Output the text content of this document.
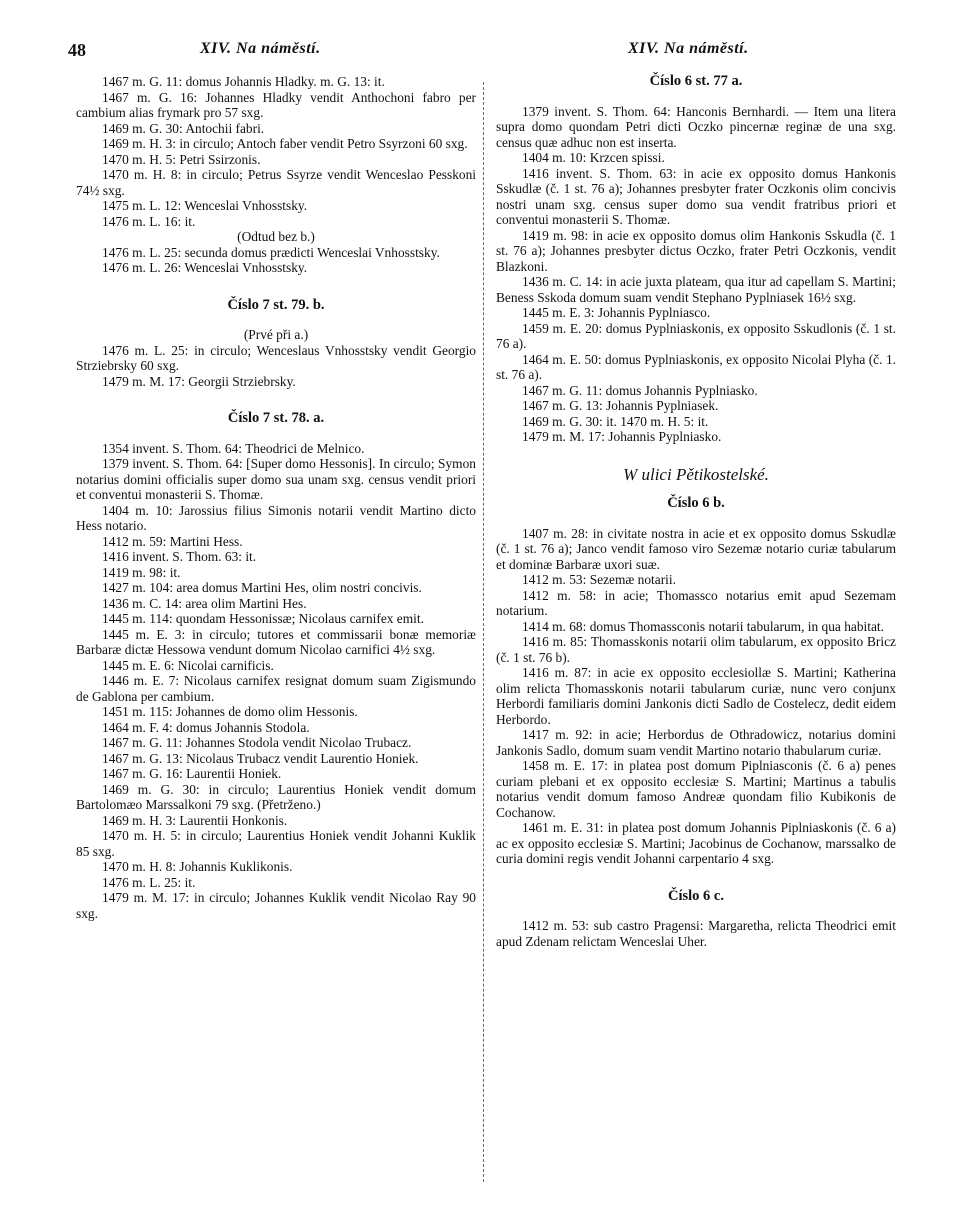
48	XIV. Na náměstí.	XIV. Na náměstí.

1467 m. G. 11: domus Johannis Hladky. m. G. 13: it.

1467 m. G. 16: Johannes Hladky vendit Anthochoni fabro per cambium alias frymark pro 57 sxg.

1469 m. G. 30: Antochii fabri.

1469 m. H. 3: in circulo; Antoch faber vendit Petro Ssyrzoni 60 sxg.

1470 m. H. 5: Petri Ssirzonis.

1470 m. H. 8: in circulo; Petrus Ssyrze vendit Wenceslao Pesskoni 74½ sxg.

1475 m. L. 12: Wenceslai Vnhosstsky.

1476 m. L. 16: it.

(Odtud bez b.)

1476 m. L. 25: secunda domus prædicti Wenceslai Vnhosstsky.

1476 m. L. 26: Wenceslai Vnhosstsky.

Číslo 7 st. 79. b.

(Prvé při a.)

1476 m. L. 25: in circulo; Wenceslaus Vnhosstsky vendit Georgio Strziebrsky 60 sxg.

1479 m. M. 17: Georgii Strziebrsky.

Číslo 7 st. 78. a.

1354 invent. S. Thom. 64: Theodrici de Melnico.

1379 invent. S. Thom. 64: [Super domo Hessonis]. In circulo; Symon notarius domini officialis super domo sua unam sxg. census vendit priori et conventui monasterii S. Thomæ.

1404 m. 10: Jarossius filius Simonis notarii vendit Martino dicto Hess notario.

1412 m. 59: Martini Hess.

1416 invent. S. Thom. 63: it.

1419 m. 98: it.

1427 m. 104: area domus Martini Hes, olim nostri concivis.

1436 m. C. 14: area olim Martini Hes.

1445 m. 114: quondam Hessonissæ; Nicolaus carnifex emit.

1445 m. E. 3: in circulo; tutores et commissarii bonæ memoriæ Barbaræ dictæ Hessowa vendunt domum Nicolao carnifici 4½ sxg.

1445 m. E. 6: Nicolai carnificis.

1446 m. E. 7: Nicolaus carnifex resignat domum suam Zigismundo de Gablona per cambium.

1451 m. 115: Johannes de domo olim Hessonis.

1464 m. F. 4: domus Johannis Stodola.

1467 m. G. 11: Johannes Stodola vendit Nicolao Trubacz.

1467 m. G. 13: Nicolaus Trubacz vendit Laurentio Honiek.

1467 m. G. 16: Laurentii Honiek.

1469 m. G. 30: in circulo; Laurentius Honiek vendit domum Bartolomæo Marssalkoni 79 sxg. (Přetrženo.)

1469 m. H. 3: Laurentii Honkonis.

1470 m. H. 5: in circulo; Laurentius Honiek vendit Johanni Kuklik 85 sxg.

1470 m. H. 8: Johannis Kuklikonis.

1476 m. L. 25: it.

1479 m. M. 17: in circulo; Johannes Kuklik vendit Nicolao Ray 90 sxg.

Číslo 6 st. 77 a.

1379 invent. S. Thom. 64: Hanconis Bernhardi. — Item una litera supra domo quondam Petri dicti Oczko pincernæ reginæ de una sxg. census quæ adhuc non est inserta.

1404 m. 10: Krzcen spissi.

1416 invent. S. Thom. 63: in acie ex opposito domus Hankonis Sskudlæ (č. 1 st. 76 a); Johannes presbyter frater Oczkonis olim concivis nostri unam sxg. census super domo sua vendit fratribus priori et conventui monasterii S. Thomæ.

1419 m. 98: in acie ex opposito domus olim Hankonis Sskudla (č. 1 st. 76 a); Johannes presbyter dictus Oczko, frater Petri Oczkonis, vendit Blazkoni.

1436 m. C. 14: in acie juxta plateam, qua itur ad capellam S. Martini; Beness Sskoda domum suam vendit Stephano Pyplniasek 16½ sxg.

1445 m. E. 3: Johannis Pyplniasco.

1459 m. E. 20: domus Pyplniaskonis, ex opposito Sskudlonis (č. 1 st. 76 a).

1464 m. E. 50: domus Pyplniaskonis, ex opposito Nicolai Plyha (č. 1. st. 76 a).

1467 m. G. 11: domus Johannis Pyplniasko.

1467 m. G. 13: Johannis Pyplniasek.

1469 m. G. 30: it. 1470 m. H. 5: it.

1479 m. M. 17: Johannis Pyplniasko.

W ulici Pětikostelské.

Číslo 6 b.

1407 m. 28: in civitate nostra in acie et ex opposito domus Sskudlæ (č. 1 st. 76 a); Janco vendit famoso viro Sezemæ notario curiæ tabularum et dominæ Barbaræ uxori suæ.

1412 m. 53: Sezemæ notarii.

1412 m. 58: in acie; Thomassco notarius emit apud Sezemam notarium.

1414 m. 68: domus Thomassconis notarii tabularum, in qua habitat.

1416 m. 85: Thomasskonis notarii olim tabularum, ex opposito Bricz (č. 1 st. 76 b).

1416 m. 87: in acie ex opposito ecclesiollæ S. Martini; Katherina olim relicta Thomasskonis notarii tabularum curiæ, nunc vero conjunx Herbordi familiaris domini Jankonis dicti Sadlo de Costelecz, dedit eidem Herbordo.

1417 m. 92: in acie; Herbordus de Othradowicz, notarius domini Jankonis Sadlo, domum suam vendit Martino notario thabularum curiæ.

1458 m. E. 17: in platea post domum Piplniasconis (č. 6 a) penes curiam plebani et ex opposito ecclesiæ S. Martini; Martinus a tabulis notarius vendit domum famoso Andreæ quondam filio Kubikonis de Cochanow.

1461 m. E. 31: in platea post domum Johannis Piplniaskonis (č. 6 a) ac ex opposito ecclesiæ S. Martini; Jacobinus de Cochanow, marssalko de curia domini regis vendit Johanni carpentario 4 sxg.

Číslo 6 c.

1412 m. 53: sub castro Pragensi: Margaretha, relicta Theodrici emit apud Zdenam relictam Wenceslai Uher.
